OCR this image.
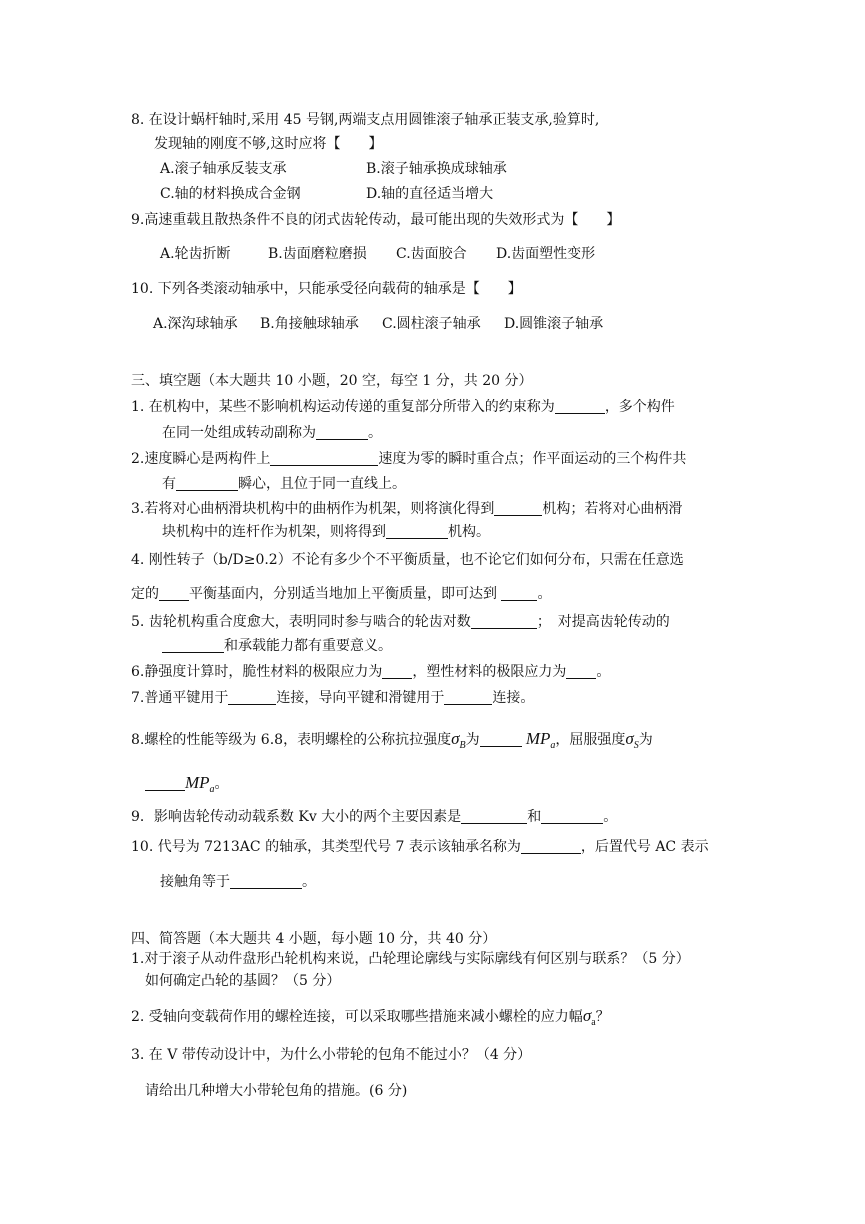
8. 在设计蜗杆轴时,采用 45 号钢,两端支点用圆锥滚子轴承正装支承,验算时,
发现轴的刚度不够,这时应将【　　】
A.滚子轴承反装支承	B.滚子轴承换成球轴承
C.轴的材料换成合金钢	D.轴的直径适当增大
9.高速重载且散热条件不良的闭式齿轮传动，最可能出现的失效形式为【　　】
A.轮齿折断	B.齿面磨粒磨损 C.齿面胶合 D.齿面塑性变形
10. 下列各类滚动轴承中，只能承受径向载荷的轴承是【　　】
A.深沟球轴承 B.角接触球轴承 C.圆柱滚子轴承 D.圆锥滚子轴承
三、填空题（本大题共 10 小题，20 空，每空 1 分，共 20 分）
1. 在机构中，某些不影响机构运动传递的重复部分所带入的约束称为	，多个构件
在同一处组成转动副称为	。
2.速度瞬心是两构件上	速度为零的瞬时重合点；作平面运动的三个构件共
有	瞬心，且位于同一直线上。
3.若将对心曲柄滑块机构中的曲柄作为机架，则将演化得到	机构；若将对心曲柄滑
块机构中的连杆作为机架，则将得到	机构。
4. 刚性转子（b/D≥0.2）不论有多少个不平衡质量，也不论它们如何分布，只需在任意选
定的 平衡基面内，分别适当地加上平衡质量，即可达到	。
5. 齿轮机构重合度愈大，表明同时参与啮合的轮齿对数	；　对提高齿轮传动的
和承载能力都有重要意义。
6.静强度计算时，脆性材料的极限应力为 ，塑性材料的极限应力为 。
7.普通平键用于	连接，导向平键和滑键用于	连接。
8.螺栓的性能等级为 6.8，表明螺栓的公称抗拉强度$\sigma_B$为	$MP_a$，屈服强度$\sigma_S$为
$MP_a$。
9．影响齿轮传动动载系数 Kv 大小的两个主要因素是	和	。
10. 代号为 7213AC 的轴承，其类型代号 7 表示该轴承名称为	，后置代号 AC 表示
接触角等于	。
四、简答题（本大题共 4 小题，每小题 10 分，共 40 分）
1.对于滚子从动件盘形凸轮机构来说，凸轮理论廓线与实际廓线有何区别与联系？（5 分）
如何确定凸轮的基圆？（5 分）
2. 受轴向变载荷作用的螺栓连接，可以采取哪些措施来减小螺栓的应力幅$\sigma_a$？
3. 在 V 带传动设计中，为什么小带轮的包角不能过小？（4 分）
请给出几种增大小带轮包角的措施。(6 分)
